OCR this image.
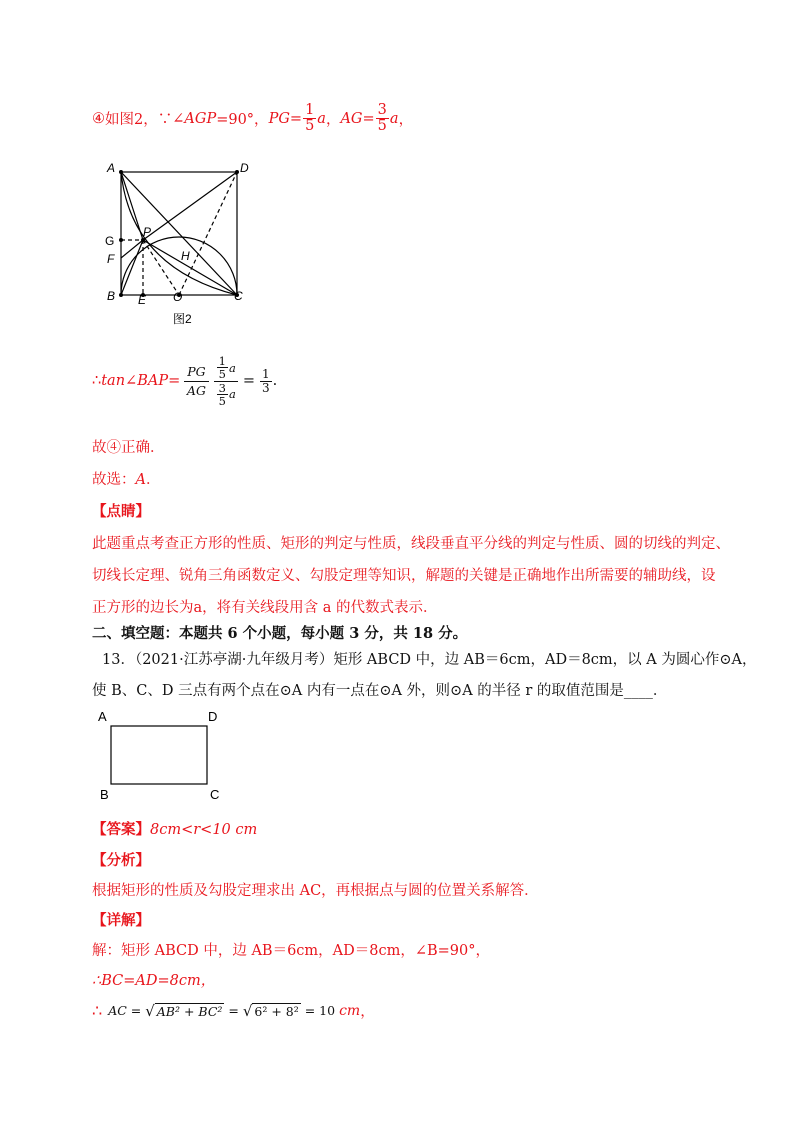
④ 如图2，∵ ∠AGP =90°， PG = $\frac{1}{5}$ a ， AG = $\frac{3}{5}$ a ，
A	D
G
P
F	H
B E O	C
图2
∴ tan∠BAP = $\frac{PG}{AG} \frac{\frac{1}{5} a}{\frac{3}{5} a} = \frac{1}{3}$ .
故④正确．
故选：A．
【点睛】
此题重点考查正方形的性质、矩形的判定与性质，线段垂直平分线的判定与性质、圆的切线的判定、
切线长定理、锐角三角函数定义、勾股定理等知识，解题的关键是正确地作出所需要的辅助线，设
正方形的边长为a，将有关线段用含 a 的代数式表示．
二、填空题：本题共 6 个小题，每小题 3 分，共 18 分。
13．（2021·江苏亭湖·九年级月考）矩形 ABCD 中，边 AB＝6cm，AD＝8cm，以 A 为圆心作⊙A，
使 B、C、D 三点有两个点在⊙A 内有一点在⊙A 外，则⊙A 的半径 r 的取值范围是____．
A	D
B	C
【答案】8cm<r<10 cm
【分析】
根据矩形的性质及勾股定理求出 AC，再根据点与圆的位置关系解答．
【详解】
解：矩形 ABCD 中，边 AB＝6cm，AD＝8cm，∠B=90°，
∴BC=AD=8cm，
∴ AC = √ AB² + BC² = √ 6² + 8² = 10 cm ，
